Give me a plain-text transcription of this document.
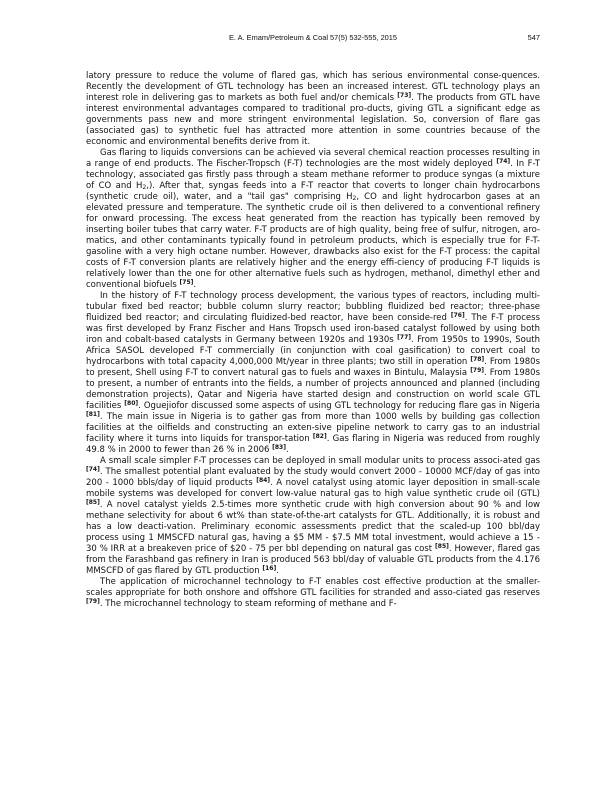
E. A. Emam/Petroleum & Coal 57(5) 532-555, 2015	547

latory pressure to reduce the volume of flared gas, which has serious environmental conse-quences. Recently the development of GTL technology has been an increased interest. GTL technology plays an interest role in delivering gas to markets as both fuel and/or chemicals [73]. The products from GTL have interest environmental advantages compared to traditional pro-ducts, giving GTL a significant edge as governments pass new and more stringent environmental legislation. So, conversion of flare gas (associated gas) to synthetic fuel has attracted more attention in some countries because of the economic and environmental benefits derive from it.

Gas flaring to liquids conversions can be achieved via several chemical reaction processes resulting in a range of end products. The Fischer-Tropsch (F-T) technologies are the most widely deployed [74]. In F-T technology, associated gas firstly pass through a steam methane reformer to produce syngas (a mixture of CO and H2,). After that, syngas feeds into a F-T reactor that coverts to longer chain hydrocarbons (synthetic crude oil), water, and a "tail gas" comprising H2, CO and light hydrocarbon gases at an elevated pressure and temperature. The synthetic crude oil is then delivered to a conventional refinery for onward processing. The excess heat generated from the reaction has typically been removed by inserting boiler tubes that carry water. F-T products are of high quality, being free of sulfur, nitrogen, aro-matics, and other contaminants typically found in petroleum products, which is especially true for F-T-gasoline with a very high octane number. However, drawbacks also exist for the F-T process: the capital costs of F-T conversion plants are relatively higher and the energy effi-ciency of producing F-T liquids is relatively lower than the one for other alternative fuels such as hydrogen, methanol, dimethyl ether and conventional biofuels [75].

In the history of F-T technology process development, the various types of reactors, including multi-tubular fixed bed reactor; bubble column slurry reactor; bubbling fluidized bed reactor; three-phase fluidized bed reactor; and circulating fluidized-bed reactor, have been conside-red [76]. The F-T process was first developed by Franz Fischer and Hans Tropsch used iron-based catalyst followed by using both iron and cobalt-based catalysts in Germany between 1920s and 1930s [77]. From 1950s to 1990s, South Africa SASOL developed F-T commercially (in conjunction with coal gasification) to convert coal to hydrocarbons with total capacity 4,000,000 Mt/year in three plants; two still in operation [78]. From 1980s to present, Shell using F-T to convert natural gas to fuels and waxes in Bintulu, Malaysia [79]. From 1980s to present, a number of entrants into the fields, a number of projects announced and planned (including demonstration projects), Qatar and Nigeria have started design and construction on world scale GTL facilities [80]. Oguejiofor discussed some aspects of using GTL technology for reducing flare gas in Nigeria [81]. The main issue in Nigeria is to gather gas from more than 1000 wells by building gas collection facilities at the oilfields and constructing an exten-sive pipeline network to carry gas to an industrial facility where it turns into liquids for transpor-tation [82]. Gas flaring in Nigeria was reduced from roughly 49.8 % in 2000 to fewer than 26 % in 2006 [83].

A small scale simpler F-T processes can be deployed in small modular units to process associ-ated gas [74]. The smallest potential plant evaluated by the study would convert 2000 - 10000 MCF/day of gas into 200 - 1000 bbls/day of liquid products [84]. A novel catalyst using atomic layer deposition in small-scale mobile systems was developed for convert low-value natural gas to high value synthetic crude oil (GTL) [85]. A novel catalyst yields 2.5-times more synthetic crude with high conversion about 90 % and low methane selectivity for about 6 wt% than state-of-the-art catalysts for GTL. Additionally, it is robust and has a low deacti-vation. Preliminary economic assessments predict that the scaled-up 100 bbl/day process using 1 MMSCFD natural gas, having a $5 MM - $7.5 MM total investment, would achieve a 15 - 30 % IRR at a breakeven price of $20 - 75 per bbl depending on natural gas cost [85]. However, flared gas from the Farashband gas refinery in Iran is produced 563 bbl/day of valuable GTL products from the 4.176 MMSCFD of gas flared by GTL production [16].

The application of microchannel technology to F-T enables cost effective production at the smaller-scales appropriate for both onshore and offshore GTL facilities for stranded and asso-ciated gas reserves [79]. The microchannel technology to steam reforming of methane and F-
